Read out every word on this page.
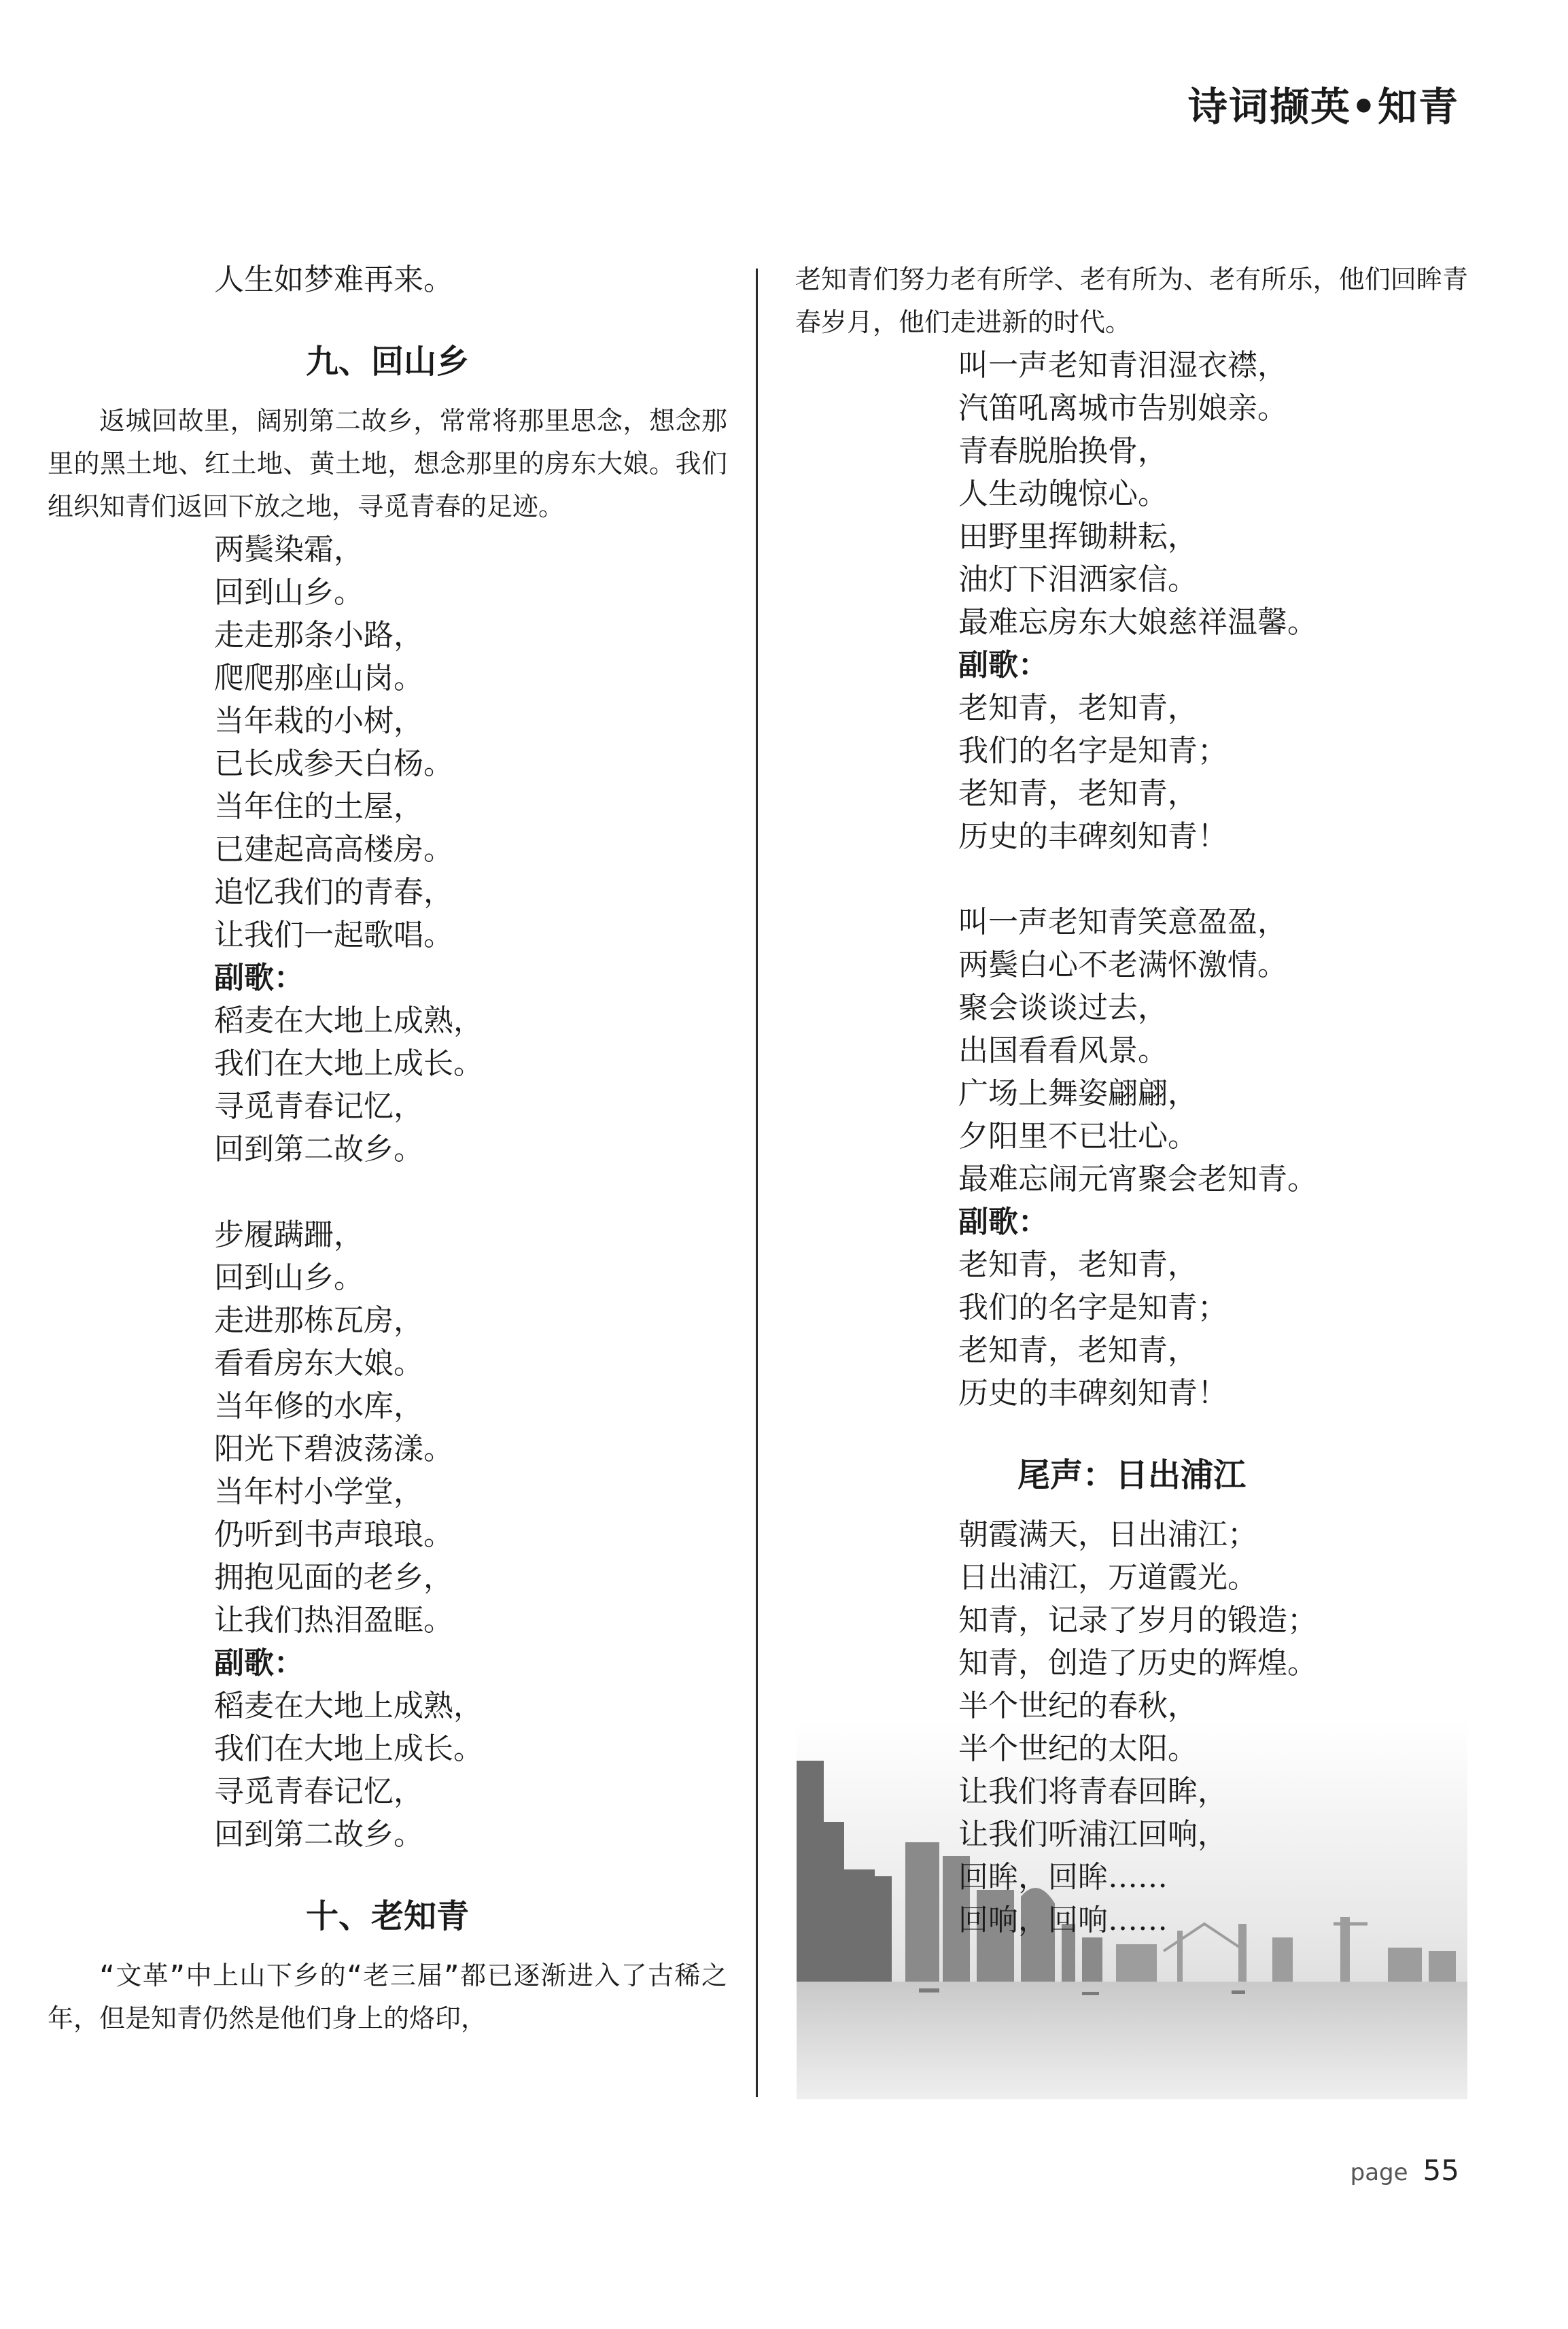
诗词撷英•知青
人生如梦难再来。
九、回山乡
返城回故里，阔别第二故乡，常常将那里思念，想念那里的黑土地、红土地、黄土地，想念那里的房东大娘。我们组织知青们返回下放之地，寻觅青春的足迹。
两鬓染霜，
回到山乡。
走走那条小路，
爬爬那座山岗。
当年栽的小树，
已长成参天白杨。
当年住的土屋，
已建起高高楼房。
追忆我们的青春，
让我们一起歌唱。
副歌：
稻麦在大地上成熟，
我们在大地上成长。
寻觅青春记忆，
回到第二故乡。
步履蹒跚，
回到山乡。
走进那栋瓦房，
看看房东大娘。
当年修的水库，
阳光下碧波荡漾。
当年村小学堂，
仍听到书声琅琅。
拥抱见面的老乡，
让我们热泪盈眶。
副歌：
稻麦在大地上成熟，
我们在大地上成长。
寻觅青春记忆，
回到第二故乡。
十、老知青
“文革”中上山下乡的“老三届”都已逐渐进入了古稀之年，但是知青仍然是他们身上的烙印，
老知青们努力老有所学、老有所为、老有所乐，他们回眸青春岁月，他们走进新的时代。
叫一声老知青泪湿衣襟，
汽笛吼离城市告别娘亲。
青春脱胎换骨，
人生动魄惊心。
田野里挥锄耕耘，
油灯下泪洒家信。
最难忘房东大娘慈祥温馨。
副歌：
老知青，老知青，
我们的名字是知青；
老知青，老知青，
历史的丰碑刻知青！
叫一声老知青笑意盈盈，
两鬓白心不老满怀激情。
聚会谈谈过去，
出国看看风景。
广场上舞姿翩翩，
夕阳里不已壮心。
最难忘闹元宵聚会老知青。
副歌：
老知青，老知青，
我们的名字是知青；
老知青，老知青，
历史的丰碑刻知青！
尾声：日出浦江
朝霞满天，日出浦江；
日出浦江，万道霞光。
知青，记录了岁月的锻造；
知青，创造了历史的辉煌。
半个世纪的春秋，
半个世纪的太阳。
让我们将青春回眸，
让我们听浦江回响，
回眸，回眸……
回响，回响……
page 55
